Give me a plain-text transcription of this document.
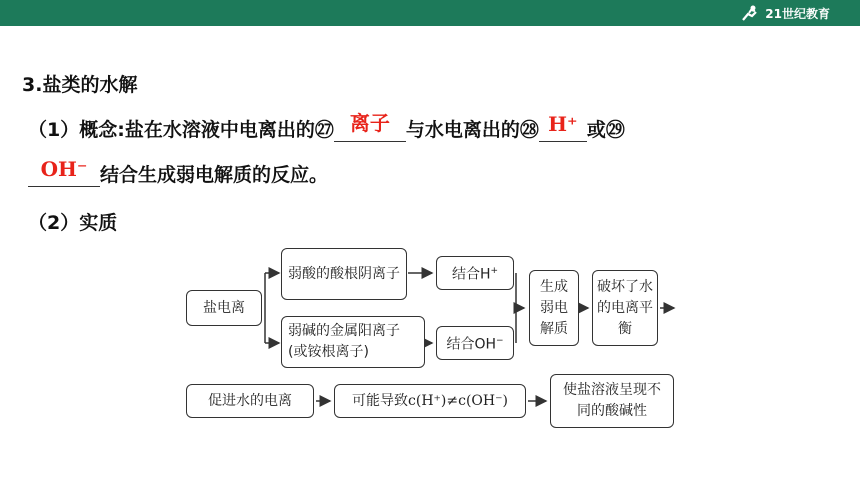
21世纪教育
3.盐类的水解
（1）概念:盐在水溶液中电离出的㉗ 离子 与水电离出的㉘ H⁺ 或㉙
OH⁻ 结合生成弱电解质的反应。
（2）实质
盐电离
弱酸的酸根阴离子
弱碱的金属阳离子(或铵根离子)
结合H+
结合OH−
生成弱电解质
破坏了水的电离平衡
促进水的电离	可能导致c(H⁺)≠c(OH⁻)
使盐溶液呈现不同的酸碱性
